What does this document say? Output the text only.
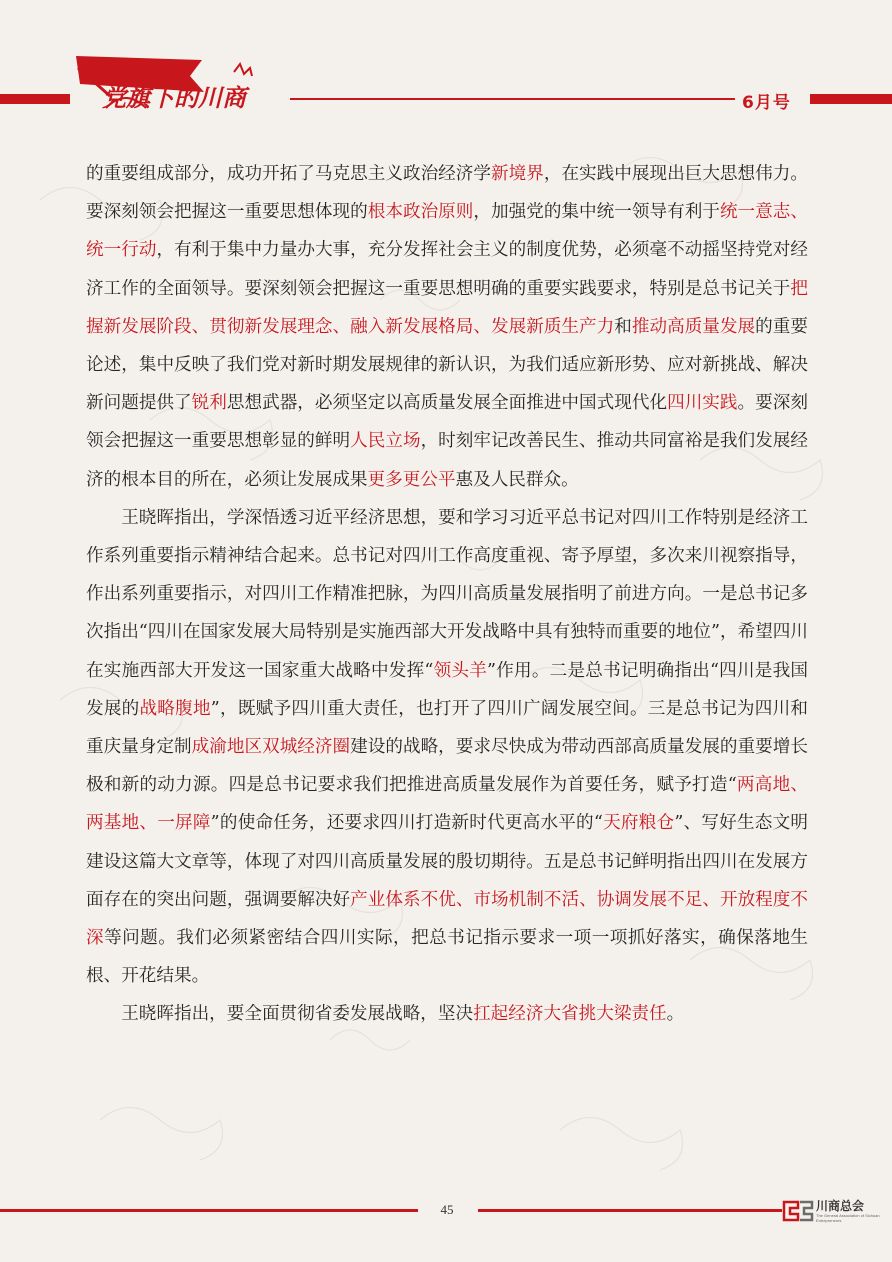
党旗下的川商	6月号

的重要组成部分，成功开拓了马克思主义政治经济学新境界，在实践中展现出巨大思想伟力。要深刻领会把握这一重要思想体现的根本政治原则，加强党的集中统一领导有利于统一意志、统一行动，有利于集中力量办大事，充分发挥社会主义的制度优势，必须毫不动摇坚持党对经济工作的全面领导。要深刻领会把握这一重要思想明确的重要实践要求，特别是总书记关于把握新发展阶段、贯彻新发展理念、融入新发展格局、发展新质生产力和推动高质量发展的重要论述，集中反映了我们党对新时期发展规律的新认识，为我们适应新形势、应对新挑战、解决新问题提供了锐利思想武器，必须坚定以高质量发展全面推进中国式现代化四川实践。要深刻领会把握这一重要思想彰显的鲜明人民立场，时刻牢记改善民生、推动共同富裕是我们发展经济的根本目的所在，必须让发展成果更多更公平惠及人民群众。

王晓晖指出，学深悟透习近平经济思想，要和学习习近平总书记对四川工作特别是经济工作系列重要指示精神结合起来。总书记对四川工作高度重视、寄予厚望，多次来川视察指导，作出系列重要指示，对四川工作精准把脉，为四川高质量发展指明了前进方向。一是总书记多次指出“四川在国家发展大局特别是实施西部大开发战略中具有独特而重要的地位”，希望四川在实施西部大开发这一国家重大战略中发挥“领头羊”作用。二是总书记明确指出“四川是我国发展的战略腹地”，既赋予四川重大责任，也打开了四川广阔发展空间。三是总书记为四川和重庆量身定制成渝地区双城经济圈建设的战略，要求尽快成为带动西部高质量发展的重要增长极和新的动力源。四是总书记要求我们把推进高质量发展作为首要任务，赋予打造“两高地、两基地、一屏障”的使命任务，还要求四川打造新时代更高水平的“天府粮仓”、写好生态文明建设这篇大文章等，体现了对四川高质量发展的殷切期待。五是总书记鲜明指出四川在发展方面存在的突出问题，强调要解决好产业体系不优、市场机制不活、协调发展不足、开放程度不深等问题。我们必须紧密结合四川实际，把总书记指示要求一项一项抓好落实，确保落地生根、开花结果。

王晓晖指出，要全面贯彻省委发展战略，坚决扛起经济大省挑大梁责任。

45	川商总会
The General Association of Sichuan Entrepreneurs
